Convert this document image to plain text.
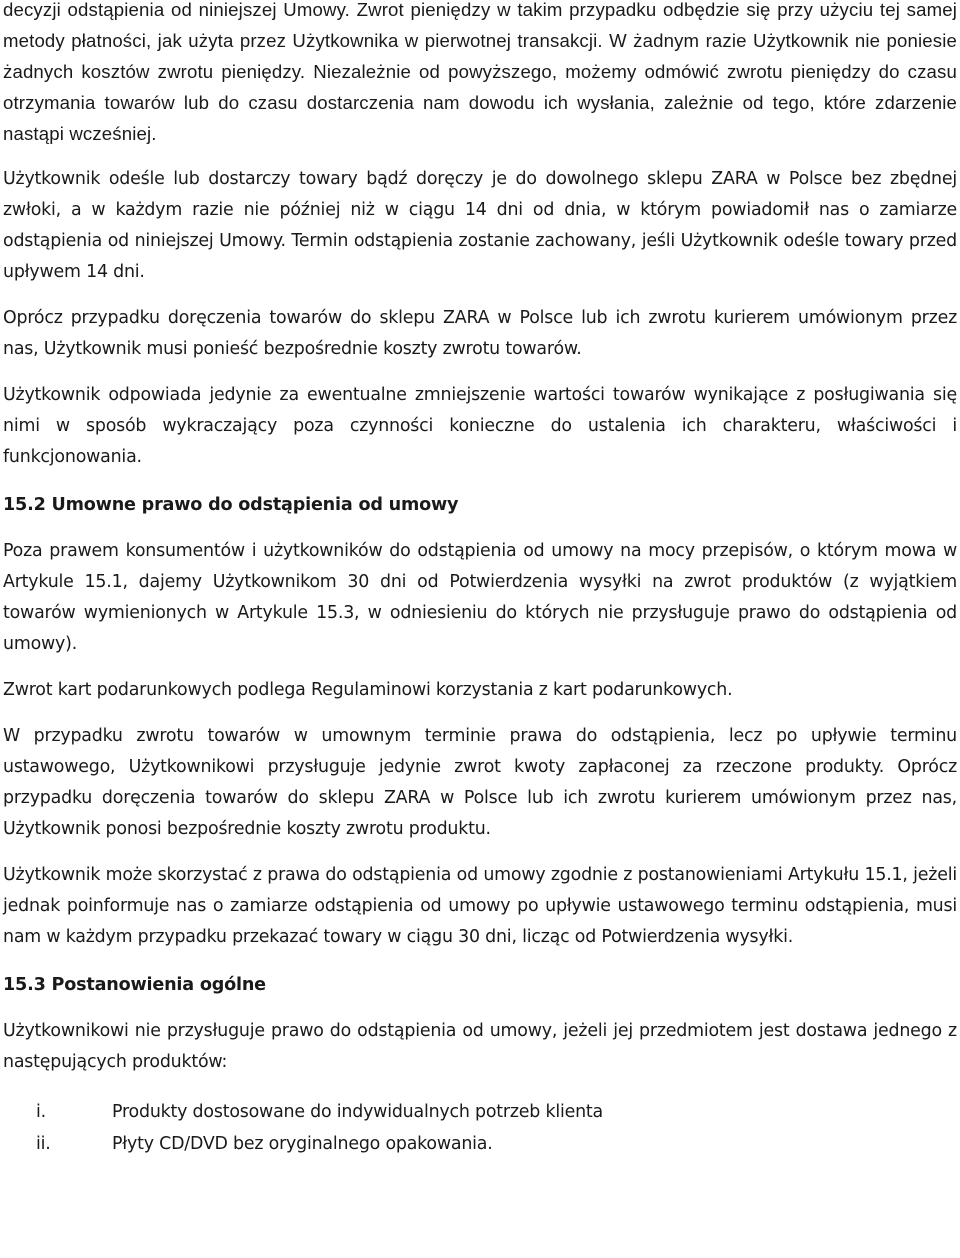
decyzji odstąpienia od niniejszej Umowy. Zwrot pieniędzy w takim przypadku odbędzie się przy użyciu tej samej metody płatności, jak użyta przez Użytkownika w pierwotnej transakcji. W żadnym razie Użytkownik nie poniesie żadnych kosztów zwrotu pieniędzy. Niezależnie od powyższego, możemy odmówić zwrotu pieniędzy do czasu otrzymania towarów lub do czasu dostarczenia nam dowodu ich wysłania, zależnie od tego, które zdarzenie nastąpi wcześniej.

Użytkownik odeśle lub dostarczy towary bądź doręczy je do dowolnego sklepu ZARA w Polsce bez zbędnej zwłoki, a w każdym razie nie później niż w ciągu 14 dni od dnia, w którym powiadomił nas o zamiarze odstąpienia od niniejszej Umowy. Termin odstąpienia zostanie zachowany, jeśli Użytkownik odeśle towary przed upływem 14 dni.

Oprócz przypadku doręczenia towarów do sklepu ZARA w Polsce lub ich zwrotu kurierem umówionym przez nas, Użytkownik musi ponieść bezpośrednie koszty zwrotu towarów.

Użytkownik odpowiada jedynie za ewentualne zmniejszenie wartości towarów wynikające z posługiwania się nimi w sposób wykraczający poza czynności konieczne do ustalenia ich charakteru, właściwości i funkcjonowania.

15.2 Umowne prawo do odstąpienia od umowy

Poza prawem konsumentów i użytkowników do odstąpienia od umowy na mocy przepisów, o którym mowa w Artykule 15.1, dajemy Użytkownikom 30 dni od Potwierdzenia wysyłki na zwrot produktów (z wyjątkiem towarów wymienionych w Artykule 15.3, w odniesieniu do których nie przysługuje prawo do odstąpienia od umowy).

Zwrot kart podarunkowych podlega Regulaminowi korzystania z kart podarunkowych.

W przypadku zwrotu towarów w umownym terminie prawa do odstąpienia, lecz po upływie terminu ustawowego, Użytkownikowi przysługuje jedynie zwrot kwoty zapłaconej za rzeczone produkty. Oprócz przypadku doręczenia towarów do sklepu ZARA w Polsce lub ich zwrotu kurierem umówionym przez nas, Użytkownik ponosi bezpośrednie koszty zwrotu produktu.

Użytkownik może skorzystać z prawa do odstąpienia od umowy zgodnie z postanowieniami Artykułu 15.1, jeżeli jednak poinformuje nas o zamiarze odstąpienia od umowy po upływie ustawowego terminu odstąpienia, musi nam w każdym przypadku przekazać towary w ciągu 30 dni, licząc od Potwierdzenia wysyłki.

15.3 Postanowienia ogólne

Użytkownikowi nie przysługuje prawo do odstąpienia od umowy, jeżeli jej przedmiotem jest dostawa jednego z następujących produktów:

i.	Produkty dostosowane do indywidualnych potrzeb klienta
ii.	Płyty CD/DVD bez oryginalnego opakowania.
